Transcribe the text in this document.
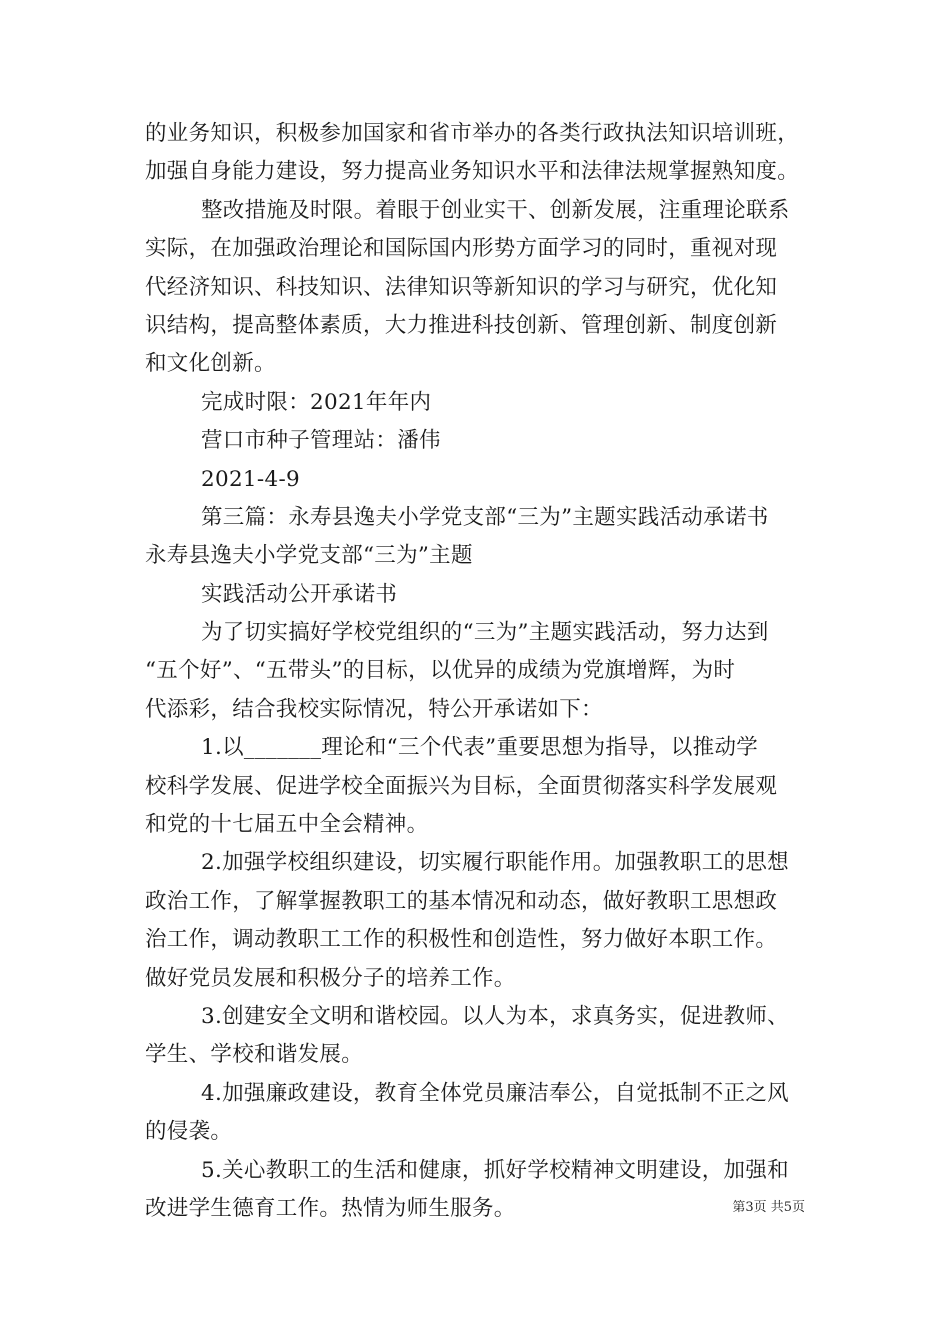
的业务知识，积极参加国家和省市举办的各类行政执法知识培训班，
加强自身能力建设，努力提高业务知识水平和法律法规掌握熟知度。
整改措施及时限。着眼于创业实干、创新发展，注重理论联系
实际，在加强政治理论和国际国内形势方面学习的同时，重视对现
代经济知识、科技知识、法律知识等新知识的学习与研究，优化知
识结构，提高整体素质，大力推进科技创新、管理创新、制度创新
和文化创新。
完成时限：2021年年内
营口市种子管理站：潘伟
2021-4-9
第三篇：永寿县逸夫小学党支部“三为”主题实践活动承诺书
永寿县逸夫小学党支部“三为”主题
实践活动公开承诺书
为了切实搞好学校党组织的“三为”主题实践活动，努力达到
“五个好”、“五带头”的目标，以优异的成绩为党旗增辉，为时
代添彩，结合我校实际情况，特公开承诺如下：
1.以_______理论和“三个代表”重要思想为指导，以推动学
校科学发展、促进学校全面振兴为目标，全面贯彻落实科学发展观
和党的十七届五中全会精神。
2.加强学校组织建设，切实履行职能作用。加强教职工的思想
政治工作，了解掌握教职工的基本情况和动态，做好教职工思想政
治工作，调动教职工工作的积极性和创造性，努力做好本职工作。
做好党员发展和积极分子的培养工作。
3.创建安全文明和谐校园。以人为本，求真务实，促进教师、
学生、学校和谐发展。
4.加强廉政建设，教育全体党员廉洁奉公，自觉抵制不正之风
的侵袭。
5.关心教职工的生活和健康，抓好学校精神文明建设，加强和
改进学生德育工作。热情为师生服务。	第3页 共5页
